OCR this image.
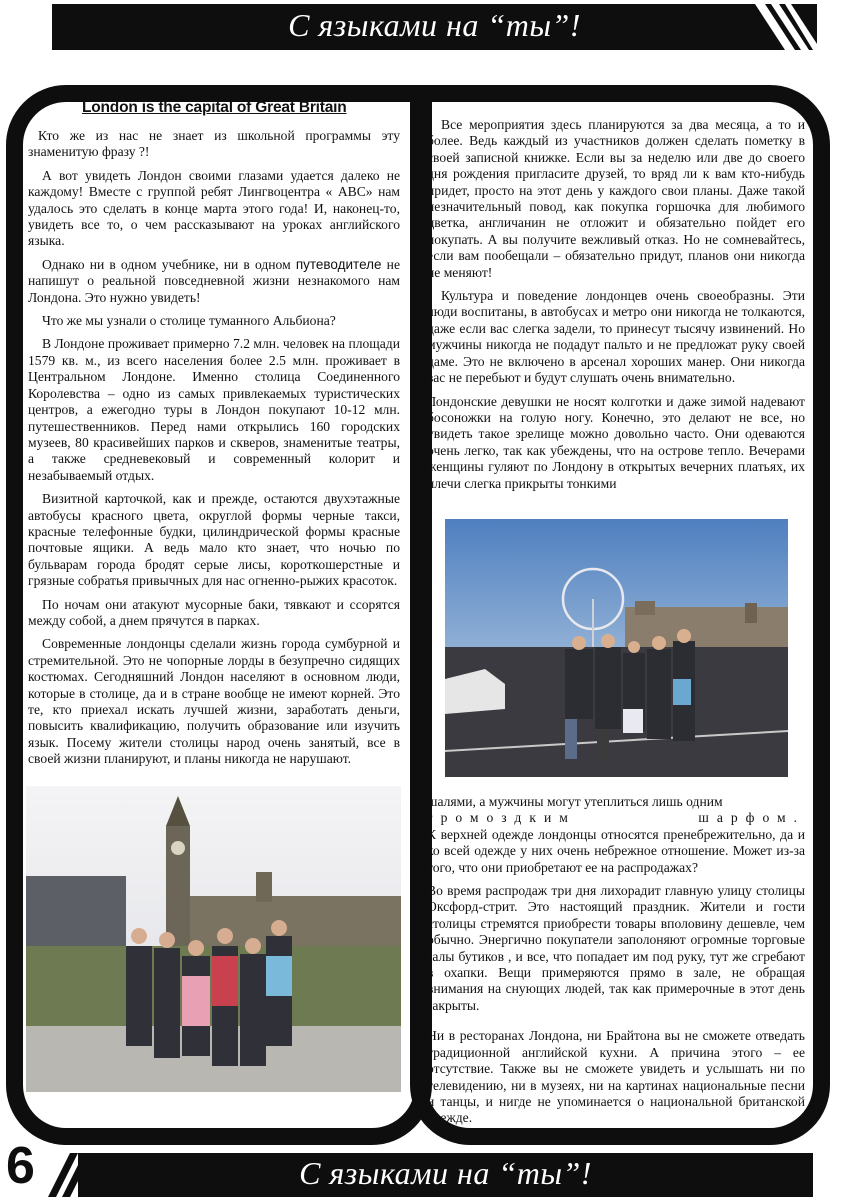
С языками на “ты”!
London is the capital of Great Britain

Кто же из нас не знает из школьной программы эту знаменитую фразу ?!

А вот увидеть Лондон своими глазами удается далеко не каждому! Вместе с группой ребят Лингвоцентра « АВС» нам удалось это сделать в конце марта этого года! И, наконец-то, увидеть все то, о чем рассказывают на уроках английского языка.

Однако ни в одном учебнике, ни в одном путеводителе не напишут о реальной повседневной жизни незнакомого нам Лондона. Это нужно увидеть!

Что же мы узнали о столице туманного Альбиона?

В Лондоне проживает примерно 7.2 млн. человек на площади 1579 кв. м., из всего населения более 2.5 млн. проживает в Центральном Лондоне. Именно столица Соединенного Королевства – одно из самых привлекаемых туристических центров, а ежегодно туры в Лондон покупают 10-12 млн. путешественников. Перед нами открылись 160 городских музеев, 80 красивейших парков и скверов, знаменитые театры, а также средневековый и современный колорит и незабываемый отдых.

Визитной карточкой, как и прежде, остаются двухэтажные автобусы красного цвета, округлой формы черные такси, красные телефонные будки, цилиндрической формы красные почтовые ящики. А ведь мало кто знает, что ночью по бульварам города бродят серые лисы, короткошерстные и грязные собратья привычных для нас огненно-рыжих красоток.

По ночам они атакуют мусорные баки, тявкают и ссорятся между собой, а днем прячутся в парках.

Современные лондонцы сделали жизнь города сумбурной и стремительной. Это не чопорные лорды в безупречно сидящих костюмах. Сегодняшний Лондон населяют в основном люди, которые в столице, да и в стране вообще не имеют корней. Это те, кто приехал искать лучшей жизни, заработать деньги, повысить квалификацию, получить образование или изучить язык. Посему жители столицы народ очень занятый, все в своей жизни планируют, и планы никогда не нарушают.

Все мероприятия здесь планируются за два месяца, а то и более. Ведь каждый из участников должен сделать пометку в своей записной книжке. Если вы за неделю или две до своего дня рождения пригласите друзей, то вряд ли к вам кто-нибудь придет, просто на этот день у каждого свои планы. Даже такой незначительный повод, как покупка горшочка для любимого цветка, англичанин не отложит и обязательно пойдет его покупать. А вы получите вежливый отказ. Но не сомневайтесь, если вам пообещали – обязательно придут, планов они никогда не меняют!

Культура и поведение лондонцев очень своеобразны. Эти люди воспитаны, в автобусах и метро они никогда не толкаются, даже если вас слегка задели, то принесут тысячу извинений. Но мужчины никогда не подадут пальто и не предложат руку своей даме. Это не включено в арсенал хороших манер. Они никогда вас не перебьют и будут слушать очень внимательно.

Лондонские девушки не носят колготки и даже зимой надевают босоножки на голую ногу. Конечно, это делают не все, но увидеть такое зрелище можно довольно часто. Они одеваются очень легко, так как убеждены, что на острове тепло. Вечерами женщины гуляют по Лондону в открытых вечерних платьях, их плечи слегка прикрыты тонкими

шалями, а мужчины могут утеплиться лишь одним

громоздким шарфом.

К верхней одежде лондонцы относятся пренебрежительно, да и ко всей одежде у них очень небрежное отношение. Может из-за того, что они приобретают ее на распродажах?

Во время распродаж три дня лихорадит главную улицу столицы Оксфорд-стрит. Это настоящий праздник. Жители и гости столицы стремятся приобрести товары вполовину дешевле, чем обычно. Энергично покупатели заполоняют огромные торговые залы бутиков , и все, что попадает им под руку, тут же сгребают в охапки. Вещи примеряются прямо в зале, не обращая внимания на снующих людей, так как примерочные в этот день закрыты.

Ни в ресторанах Лондона, ни Брайтона вы не сможете отведать традиционной английской кухни. А причина этого – ее отсутствие. Также вы не сможете увидеть и услышать ни по телевидению, ни в музеях, ни на картинах национальные песни и танцы, и нигде не упоминается о национальной британской одежде.

С языками на “ты”!
6
